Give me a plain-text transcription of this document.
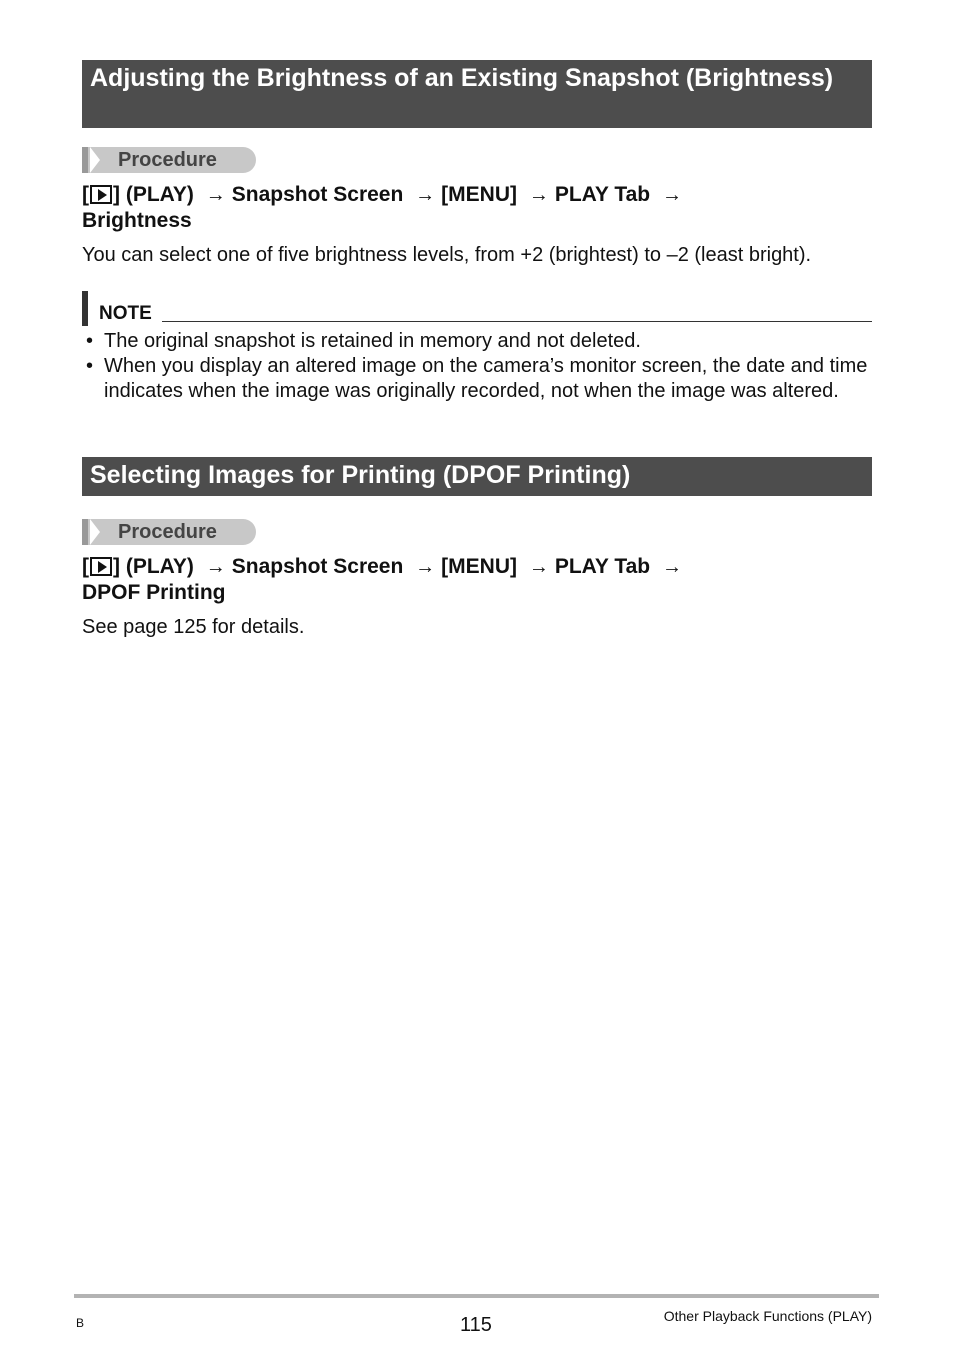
Adjusting the Brightness of an Existing Snapshot (Brightness)
Procedure
[ ] (PLAY) → Snapshot Screen → [MENU] → PLAY Tab →
Brightness
You can select one of five brightness levels, from +2 (brightest) to –2 (least bright).
NOTE
• The original snapshot is retained in memory and not deleted.
• When you display an altered image on the camera’s monitor screen, the date and time indicates when the image was originally recorded, not when the image was altered.
Selecting Images for Printing (DPOF Printing)
Procedure
[ ] (PLAY) → Snapshot Screen → [MENU] → PLAY Tab →
DPOF Printing
See page 125 for details.
B	115	Other Playback Functions (PLAY)
